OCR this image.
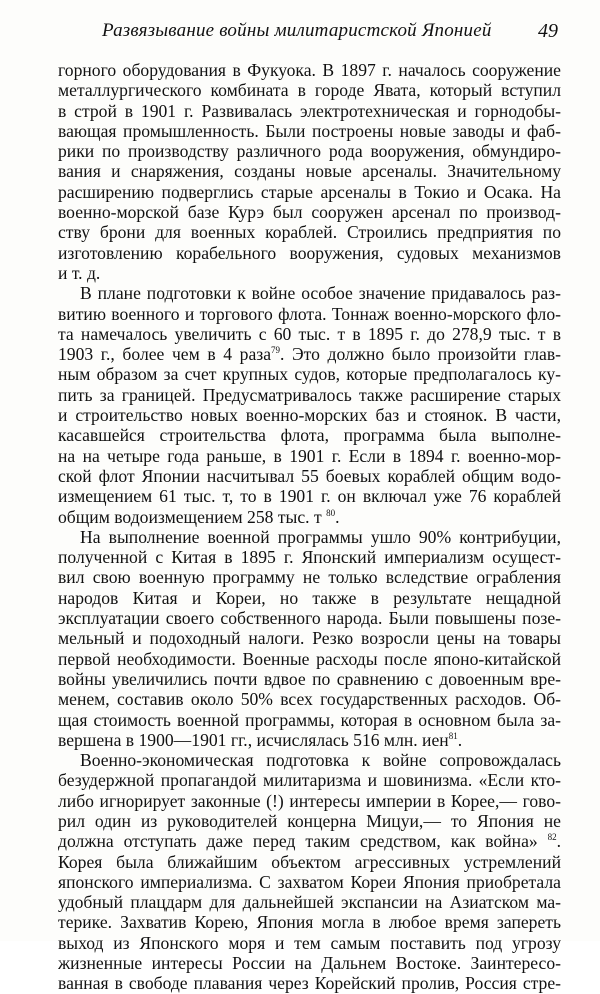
Развязывание войны милитаристской Японией 49
горного оборудования в Фукуока. В 1897 г. началось сооружение
металлургического комбината в городе Явата, который вступил
в строй в 1901 г. Развивалась электротехническая и горнодобы-
вающая промышленность. Были построены новые заводы и фаб-
рики по производству различного рода вооружения, обмундиро-
вания и снаряжения, созданы новые арсеналы. Значительному
расширению подверглись старые арсеналы в Токио и Осака. На
военно-морской базе Курэ был сооружен арсенал по производ-
ству брони для военных кораблей. Строились предприятия по
изготовлению корабельного вооружения, судовых механизмов
и т. д.
В плане подготовки к войне особое значение придавалось раз-
витию военного и торгового флота. Тоннаж военно-морского фло-
та намечалось увеличить с 60 тыс. т в 1895 г. до 278,9 тыс. т в
1903 г., более чем в 4 раза$^{79}$. Это должно было произойти глав-
ным образом за счет крупных судов, которые предполагалось ку-
пить за границей. Предусматривалось также расширение старых
и строительство новых военно-морских баз и стоянок. В части,
касавшейся строительства флота, программа была выполне-
на на четыре года раньше, в 1901 г. Если в 1894 г. военно-мор-
ской флот Японии насчитывал 55 боевых кораблей общим водо-
измещением 61 тыс. т, то в 1901 г. он включал уже 76 кораблей
общим водоизмещением 258 тыс. т $^{80}$.
На выполнение военной программы ушло 90% контрибуции,
полученной с Китая в 1895 г. Японский империализм осущест-
вил свою военную программу не только вследствие ограбления
народов Китая и Кореи, но также в результате нещадной
эксплуатации своего собственного народа. Были повышены позе-
мельный и подоходный налоги. Резко возросли цены на товары
первой необходимости. Военные расходы после японо-китайской
войны увеличились почти вдвое по сравнению с довоенным вре-
менем, составив около 50% всех государственных расходов. Об-
щая стоимость военной программы, которая в основном была за-
вершена в 1900—1901 гг., исчислялась 516 млн. иен$^{81}$.
Военно-экономическая подготовка к войне сопровождалась
безудержной пропагандой милитаризма и шовинизма. «Если кто-
либо игнорирует законные (!) интересы империи в Корее,— гово-
рил один из руководителей концерна Мицуи,— то Япония не
должна отступать даже перед таким средством, как война» $^{82}$.
Корея была ближайшим объектом агрессивных устремлений
японского империализма. С захватом Кореи Япония приобретала
удобный плацдарм для дальнейшей экспансии на Азиатском ма-
терике. Захватив Корею, Япония могла в любое время запереть
выход из Японского моря и тем самым поставить под угрозу
жизненные интересы России на Дальнем Востоке. Заинтересо-
ванная в свободе плавания через Корейский пролив, Россия стре-
